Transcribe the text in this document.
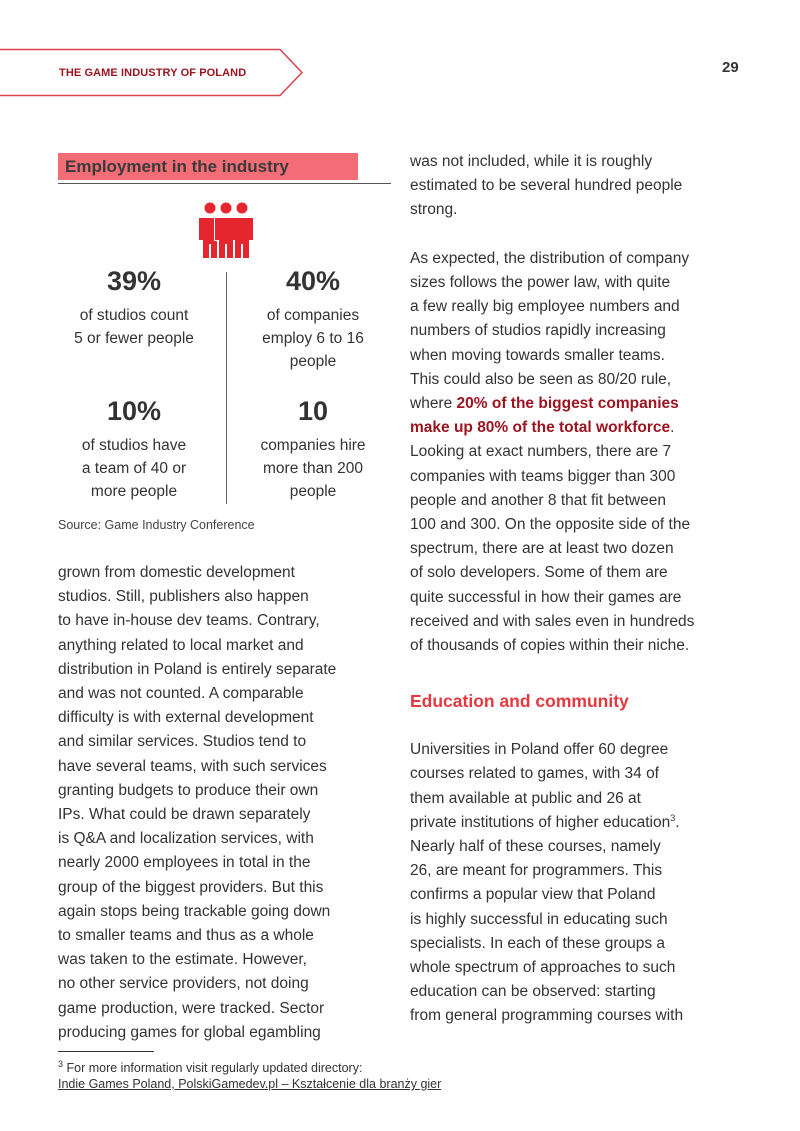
THE GAME INDUSTRY OF POLAND	29
Employment in the industry
39%
of studios count
5 or fewer people
40%
of companies
employ 6 to 16
people
10%
of studios have
a team of 40 or
more people
10
companies hire
more than 200
people
Source: Game Industry Conference

grown from domestic development
studios. Still, publishers also happen
to have in-house dev teams. Contrary,
anything related to local market and
distribution in Poland is entirely separate
and was not counted. A comparable
difficulty is with external development
and similar services. Studios tend to
have several teams, with such services
granting budgets to produce their own
IPs. What could be drawn separately
is Q&A and localization services, with
nearly 2000 employees in total in the
group of the biggest providers. But this
again stops being trackable going down
to smaller teams and thus as a whole
was taken to the estimate. However,
no other service providers, not doing
game production, were tracked. Sector
producing games for global egambling

was not included, while it is roughly
estimated to be several hundred people
strong.

As expected, the distribution of company
sizes follows the power law, with quite
a few really big employee numbers and
numbers of studios rapidly increasing
when moving towards smaller teams.
This could also be seen as 80/20 rule,
where 20% of the biggest companies
make up 80% of the total workforce.
Looking at exact numbers, there are 7
companies with teams bigger than 300
people and another 8 that fit between
100 and 300. On the opposite side of the
spectrum, there are at least two dozen
of solo developers. Some of them are
quite successful in how their games are
received and with sales even in hundreds
of thousands of copies within their niche.

Education and community

Universities in Poland offer 60 degree
courses related to games, with 34 of
them available at public and 26 at
private institutions of higher education$^3$.
Nearly half of these courses, namely
26, are meant for programmers. This
confirms a popular view that Poland
is highly successful in educating such
specialists. In each of these groups a
whole spectrum of approaches to such
education can be observed: starting
from general programming courses with

$^3$ For more information visit regularly updated directory:
Indie Games Poland, PolskiGamedev.pl – Kształcenie dla branży gier
